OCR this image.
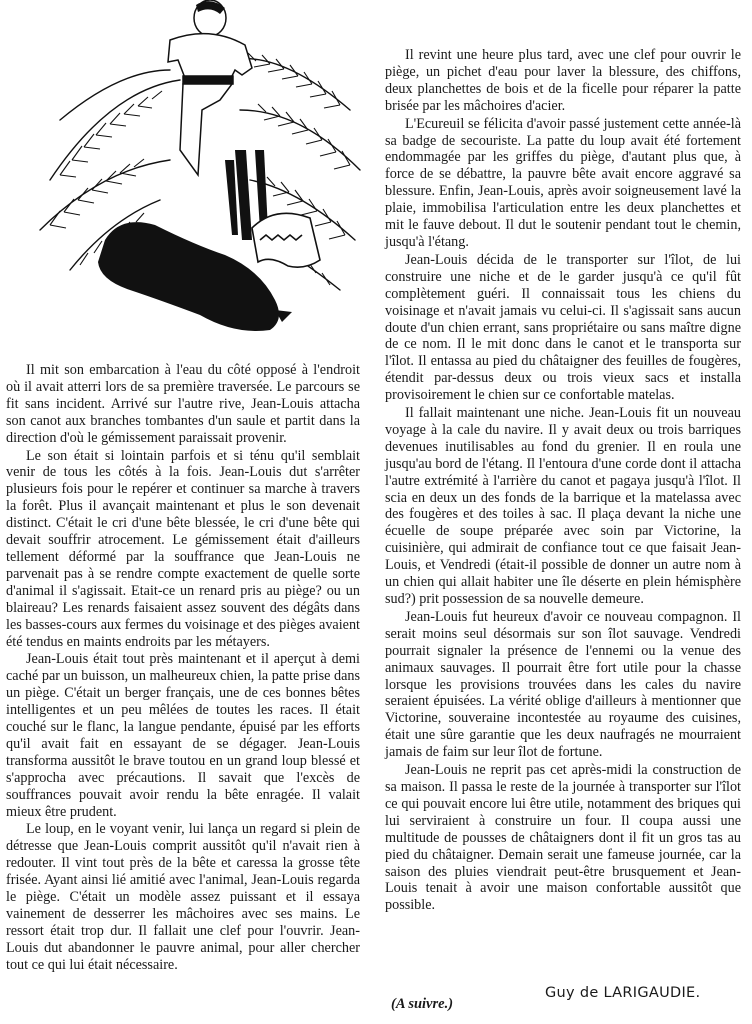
Il mit son embarcation à l'eau du côté opposé à l'endroit où il avait atterri lors de sa première traversée. Le parcours se fit sans incident. Arrivé sur l'autre rive, Jean-Louis attacha son canot aux branches tombantes d'un saule et partit dans la direction d'où le gémissement paraissait provenir.

Le son était si lointain parfois et si ténu qu'il semblait venir de tous les côtés à la fois. Jean-Louis dut s'arrêter plusieurs fois pour le repérer et continuer sa marche à travers la forêt. Plus il avançait maintenant et plus le son devenait distinct. C'était le cri d'une bête blessée, le cri d'une bête qui devait souffrir atrocement. Le gémissement était d'ailleurs tellement déformé par la souffrance que Jean-Louis ne parvenait pas à se rendre compte exactement de quelle sorte d'animal il s'agissait. Etait-ce un renard pris au piège? ou un blaireau? Les renards faisaient assez souvent des dégâts dans les basses-cours aux fermes du voisinage et des pièges avaient été tendus en maints endroits par les métayers.

Jean-Louis était tout près maintenant et il aperçut à demi caché par un buisson, un malheureux chien, la patte prise dans un piège. C'était un berger français, une de ces bonnes bêtes intelligentes et un peu mêlées de toutes les races. Il était couché sur le flanc, la langue pendante, épuisé par les efforts qu'il avait fait en essayant de se dégager. Jean-Louis transforma aussitôt le brave toutou en un grand loup blessé et s'approcha avec précautions. Il savait que l'excès de souffrances pouvait avoir rendu la bête enragée. Il valait mieux être prudent.

Le loup, en le voyant venir, lui lança un regard si plein de détresse que Jean-Louis comprit aussitôt qu'il n'avait rien à redouter. Il vint tout près de la bête et caressa la grosse tête frisée. Ayant ainsi lié amitié avec l'animal, Jean-Louis regarda le piège. C'était un modèle assez puissant et il essaya vainement de desserrer les mâchoires avec ses mains. Le ressort était trop dur. Il fallait une clef pour l'ouvrir. Jean-Louis dut abandonner le pauvre animal, pour aller chercher tout ce qui lui était nécessaire.

Il revint une heure plus tard, avec une clef pour ouvrir le piège, un pichet d'eau pour laver la blessure, des chiffons, deux planchettes de bois et de la ficelle pour réparer la patte brisée par les mâchoires d'acier.

L'Ecureuil se félicita d'avoir passé justement cette année-là sa badge de secouriste. La patte du loup avait été fortement endommagée par les griffes du piège, d'autant plus que, à force de se débattre, la pauvre bête avait encore aggravé sa blessure. Enfin, Jean-Louis, après avoir soigneusement lavé la plaie, immobilisa l'articulation entre les deux planchettes et mit le fauve debout. Il dut le soutenir pendant tout le chemin, jusqu'à l'étang.

Jean-Louis décida de le transporter sur l'îlot, de lui construire une niche et de le garder jusqu'à ce qu'il fût complètement guéri. Il connaissait tous les chiens du voisinage et n'avait jamais vu celui-ci. Il s'agissait sans aucun doute d'un chien errant, sans propriétaire ou sans maître digne de ce nom. Il le mit donc dans le canot et le transporta sur l'îlot. Il entassa au pied du châtaigner des feuilles de fougères, étendit par-dessus deux ou trois vieux sacs et installa provisoirement le chien sur ce confortable matelas.

Il fallait maintenant une niche. Jean-Louis fit un nouveau voyage à la cale du navire. Il y avait deux ou trois barriques devenues inutilisables au fond du grenier. Il en roula une jusqu'au bord de l'étang. Il l'entoura d'une corde dont il attacha l'autre extrémité à l'arrière du canot et pagaya jusqu'à l'îlot. Il scia en deux un des fonds de la barrique et la matelassa avec des fougères et des toiles à sac. Il plaça devant la niche une écuelle de soupe préparée avec soin par Victorine, la cuisinière, qui admirait de confiance tout ce que faisait Jean-Louis, et Vendredi (était-il possible de donner un autre nom à un chien qui allait habiter une île déserte en plein hémisphère sud?) prit possession de sa nouvelle demeure.

Jean-Louis fut heureux d'avoir ce nouveau compagnon. Il serait moins seul désormais sur son îlot sauvage. Vendredi pourrait signaler la présence de l'ennemi ou la venue des animaux sauvages. Il pourrait être fort utile pour la chasse lorsque les provisions trouvées dans les cales du navire seraient épuisées. La vérité oblige d'ailleurs à mentionner que Victorine, souveraine incontestée au royaume des cuisines, était une sûre garantie que les deux naufragés ne mourraient jamais de faim sur leur îlot de fortune.

Jean-Louis ne reprit pas cet après-midi la construction de sa maison. Il passa le reste de la journée à transporter sur l'îlot ce qui pouvait encore lui être utile, notamment des briques qui lui serviraient à construire un four. Il coupa aussi une multitude de pousses de châtaigners dont il fit un gros tas au pied du châtaigner. Demain serait une fameuse journée, car la saison des pluies viendrait peut-être brusquement et Jean-Louis tenait à avoir une maison confortable aussitôt que possible.

(A suivre.)
Guy de LARIGAUDIE.
